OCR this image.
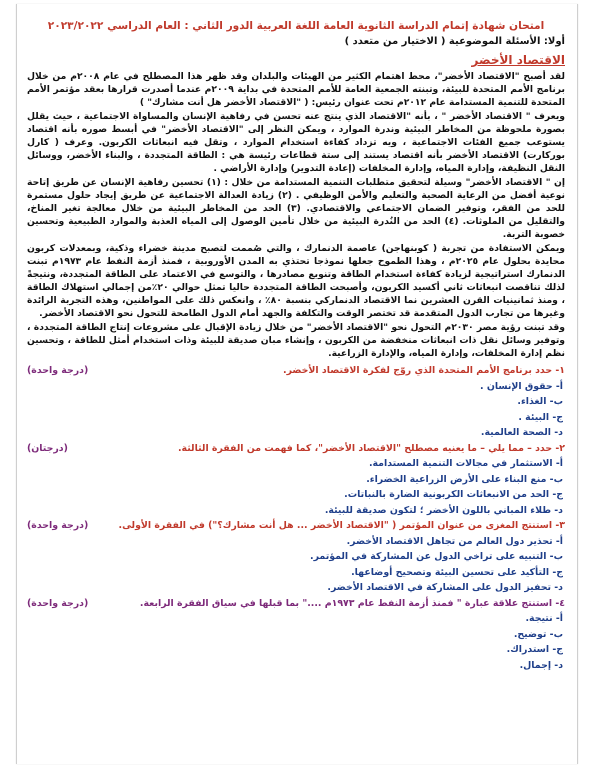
امتحان شهادة إتمام الدراسة الثانوية العامة اللغة العربية الدور الثاني : العام الدراسي ٢٠٢٣/٢٠٢٢
أولا: الأسئلة الموضوعية ( الاختيار من متعدد )
الاقتصاد الأخضر

لقد أصبح "الاقتصاد الأخضر"، محط اهتمام الكثير من الهيئات والبلدان وقد ظهر هذا المصطلح في عام ٢٠٠٨م من خلال برنامج الأمم المتحدة للبيئة، وتبنته الجمعية العامة للأمم المتحدة في بداية ٢٠٠٩م عندما أصدرت قرارها بعقد مؤتمر الأمم المتحدة للتنمية المستدامة عام ٢٠١٢م تحت عنوان رئيس: ( "الاقتصاد الأخضر هل أنت مشارك" )

ويعرف " الاقتصاد الأخضر " ، بأنه "الاقتصاد الذي ينتج عنه تحسن في رفاهية الإنسان والمساواة الاجتماعية ، حيث يقلل بصورة ملحوظة من المخاطر البيئية وندرة الموارد ، ويمكن النظر إلى "الاقتصاد الأخضر" في أبسط صوره بأنه اقتصاد يستوعب جميع الفئات الاجتماعية ، ويه تزداد كفاءة استخدام الموارد ، وتقل فيه انبعاثات الكربون. وعرف ( كارل بوركارت) الاقتصاد الأخضر بأنه اقتصاد يستند إلى ستة قطاعات رئيسة هي : الطاقة المتجددة ، والبناء الأخضر، ووسائل النقل النظيفة، وإدارة المياه، وإدارة المخلفات (إعادة التدوير) وإدارة الأراضي .

إن " الاقتصاد الأخضر" وسيلة لتحقيق متطلبات التنمية المستدامة من خلال : (١) تحسين رفاهية الإنسان عن طريق إتاحة نوعية أفضل من الرعاية الصحية والتعليم والأمن الوظيفي . (٢) زيادة العدالة الاجتماعية عن طريق إيجاد حلول مستمرة للحد من الفقر، وتوفير الضمان الاجتماعي والاقتصادي. (٣) الحد من المخاطر البيئية من خلال معالجة تغير المناخ، والتقليل من الملوثات. (٤) الحد من النُدرة البيئية من خلال تأمين الوصول إلى المياه العذبة والموارد الطبيعية وتحسين خصوبة التربة.

ويمكن الاستفادة من تجربة ( كوبنهاجن) عاصمة الدنمارك ، والتي صُممت لتصبح مدينة خضراء وذكية، وبمعدلات كربون محايدة بحلول عام ٢٠٢٥م ، وهذا الطموح جعلها نموذجا تحتذي به المدن الأوروبية ، فمنذ أزمة النفط عام ١٩٧٣م تبنت الدنمارك استراتيجية لزيادة كفاءة استخدام الطاقة وتنويع مصادرها ، والتوسع في الاعتماد على الطاقة المتجددة، ونتيجةً لذلك تناقصت انبعاثات ثاني أكسيد الكربون، وأصبحت الطاقة المتجددة حاليا تمثل حوالي ٢٠٪من إجمالي استهلاك الطاقة ، ومنذ ثمانينيات القرن العشرين نما الاقتصاد الدنماركي بنسبة ٨٠٪ ، وانعكس ذلك على المواطنين، وهذه التجربة الرائدة وغيرها من تجارب الدول المتقدمة قد تختصر الوقت والتكلفة والجهد أمام الدول الطامحة للتحول نحو الاقتصاد الأخضر.

وقد تبنت رؤية مصر ٢٠٣٠م التحول نحو "الاقتصاد الأخضر" من خلال زيادة الإقبال على مشروعات إنتاج الطاقة المتجددة ، وتوفير وسائل نقل ذات انبعاثات منخفضة من الكربون ، وإنشاء مبان صديقة للبيئة وذات استخدام أمثل للطاقة ، وتحسين نظم إدارة المخلفات، وإدارة المياه، والإدارة الزراعية.

١- حدد برنامج الأمم المتحدة الذي روّج لفكرة الاقتصاد الأخضر.
(درجة واحدة)
أ- حقوق الإنسان .
ب- الغذاء.
ج- البيئة .
د- الصحة العالمية.
٢- حدد – مما يلي – ما يعنيه مصطلح "الاقتصاد الأخضر"، كما فهمت من الفقرة الثالثة.
(درجتان)
أ- الاستثمار في مجالات التنمية المستدامة.
ب- منع البناء على الأرض الزراعية الخضراء.
ج- الحد من الانبعاثات الكربونية الضارة بالنباتات.
د- طلاء المباني باللون الأخضر ؛ لتكون صديقة للبيئة.
٣- استنتج المغزى من عنوان المؤتمر ( "الاقتصاد الأخضر ... هل أنت مشارك؟") في الفقرة الأولى.
(درجة واحدة)
أ- تحذير دول العالم من تجاهل الاقتصاد الأخضر.
ب- التنبيه على تراخي الدول عن المشاركة في المؤتمر.
ج- التأكيد على تحسين البيئة وتصحيح أوضاعها.
د- تحفيز الدول على المشاركة في الاقتصاد الأخضر.
٤- استنتج علاقة عبارة " فمنذ أزمة النفط عام ١٩٧٣م ...." بما قبلها في سياق الفقرة الرابعة.
(درجة واحدة)
أ- نتيجة.
ب- توضيح.
ج- استدراك.
د- إجمال.
